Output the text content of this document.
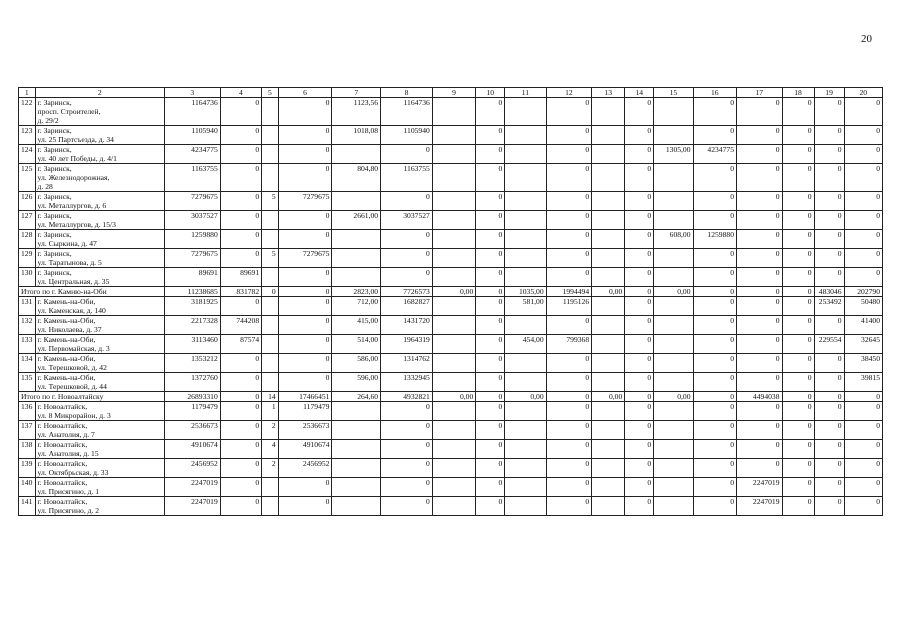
20
1	2	3	4	5	6	7	8	9	10	11	12	13	14	15	16	17	18	19	20
122	г. Заринск,
просп. Строителей,
д. 29/2	1164736	0		0	1123,56	1164736		0		0		0		0	0	0	0	0
123	г. Заринск,
ул. 25 Партсъезда, д. 34	1105940	0		0	1018,08	1105940		0		0		0		0	0	0	0	0
124	г. Заринск,
ул. 40 лет Победы, д. 4/1	4234775	0		0		0		0		0		0	1305,00	4234775	0	0	0	0
125	г. Заринск,
ул. Железнодорожная,
д. 28	1163755	0		0	804,80	1163755		0		0		0		0	0	0	0	0
126	г. Заринск,
ул. Металлургов, д. 6	7279675	0	5	7279675		0		0		0		0		0	0	0	0	0
127	г. Заринск,
ул. Металлургов, д. 15/3	3037527	0		0	2661,00	3037527		0		0		0		0	0	0	0	0
128	г. Заринск,
ул. Сыркина, д. 47	1259880	0		0		0		0		0		0	608,00	1259880	0	0	0	0
129	г. Заринск,
ул. Таратынова, д. 5	7279675	0	5	7279675		0		0		0		0		0	0	0	0	0
130	г. Заринск,
ул. Центральная, д. 35	89691	89691		0		0		0		0		0		0	0	0	0	0
Итого по г. Камню-на-Оби		11238685	831782	0	0	2823,00	7726573	0,00	0	1035,00	1994494	0,00	0	0,00	0	0	0	483046	202790
131	г. Камень-на-Оби,
ул. Каменская, д. 140	3181925	0		0	712,00	1682827		0	581,00	1195126		0		0	0	0	253492	50480
132	г. Камень-на-Оби,
ул. Николаева, д. 37	2217328	744208		0	415,00	1431720		0		0		0		0	0	0	0	41400
133	г. Камень-на-Оби,
ул. Первомайская, д. 3	3113460	87574		0	514,00	1964319		0	454,00	799368		0		0	0	0	229554	32645
134	г. Камень-на-Оби,
ул. Терешковой, д. 42	1353212	0		0	586,00	1314762		0		0		0		0	0	0	0	38450
135	г. Камень-на-Оби,
ул. Терешковой, д. 44	1372760	0		0	596,00	1332945		0		0		0		0	0	0	0	39815
Итого по г. Новоалтайску		26893310	0	14	17466451	264,60	4932821	0,00	0	0,00	0	0,00	0	0,00	0	4494038	0	0	0
136	г. Новоалтайск,
ул. 8 Микрорайон, д. 3	1179479	0	1	1179479		0		0		0		0		0	0	0	0	0
137	г. Новоалтайск,
ул. Анатолия, д. 7	2536673	0	2	2536673		0		0		0		0		0	0	0	0	0
138	г. Новоалтайск,
ул. Анатолия, д. 15	4910674	0	4	4910674		0		0		0		0		0	0	0	0	0
139	г. Новоалтайск,
ул. Октябрьская, д. 33	2456952	0	2	2456952		0		0		0		0		0	0	0	0	0
140	г. Новоалтайск,
ул. Присягино, д. 1	2247019	0		0		0		0		0		0		0	2247019	0	0	0
141	г. Новоалтайск,
ул. Присягино, д. 2	2247019	0		0		0		0		0		0		0	2247019	0	0	0
